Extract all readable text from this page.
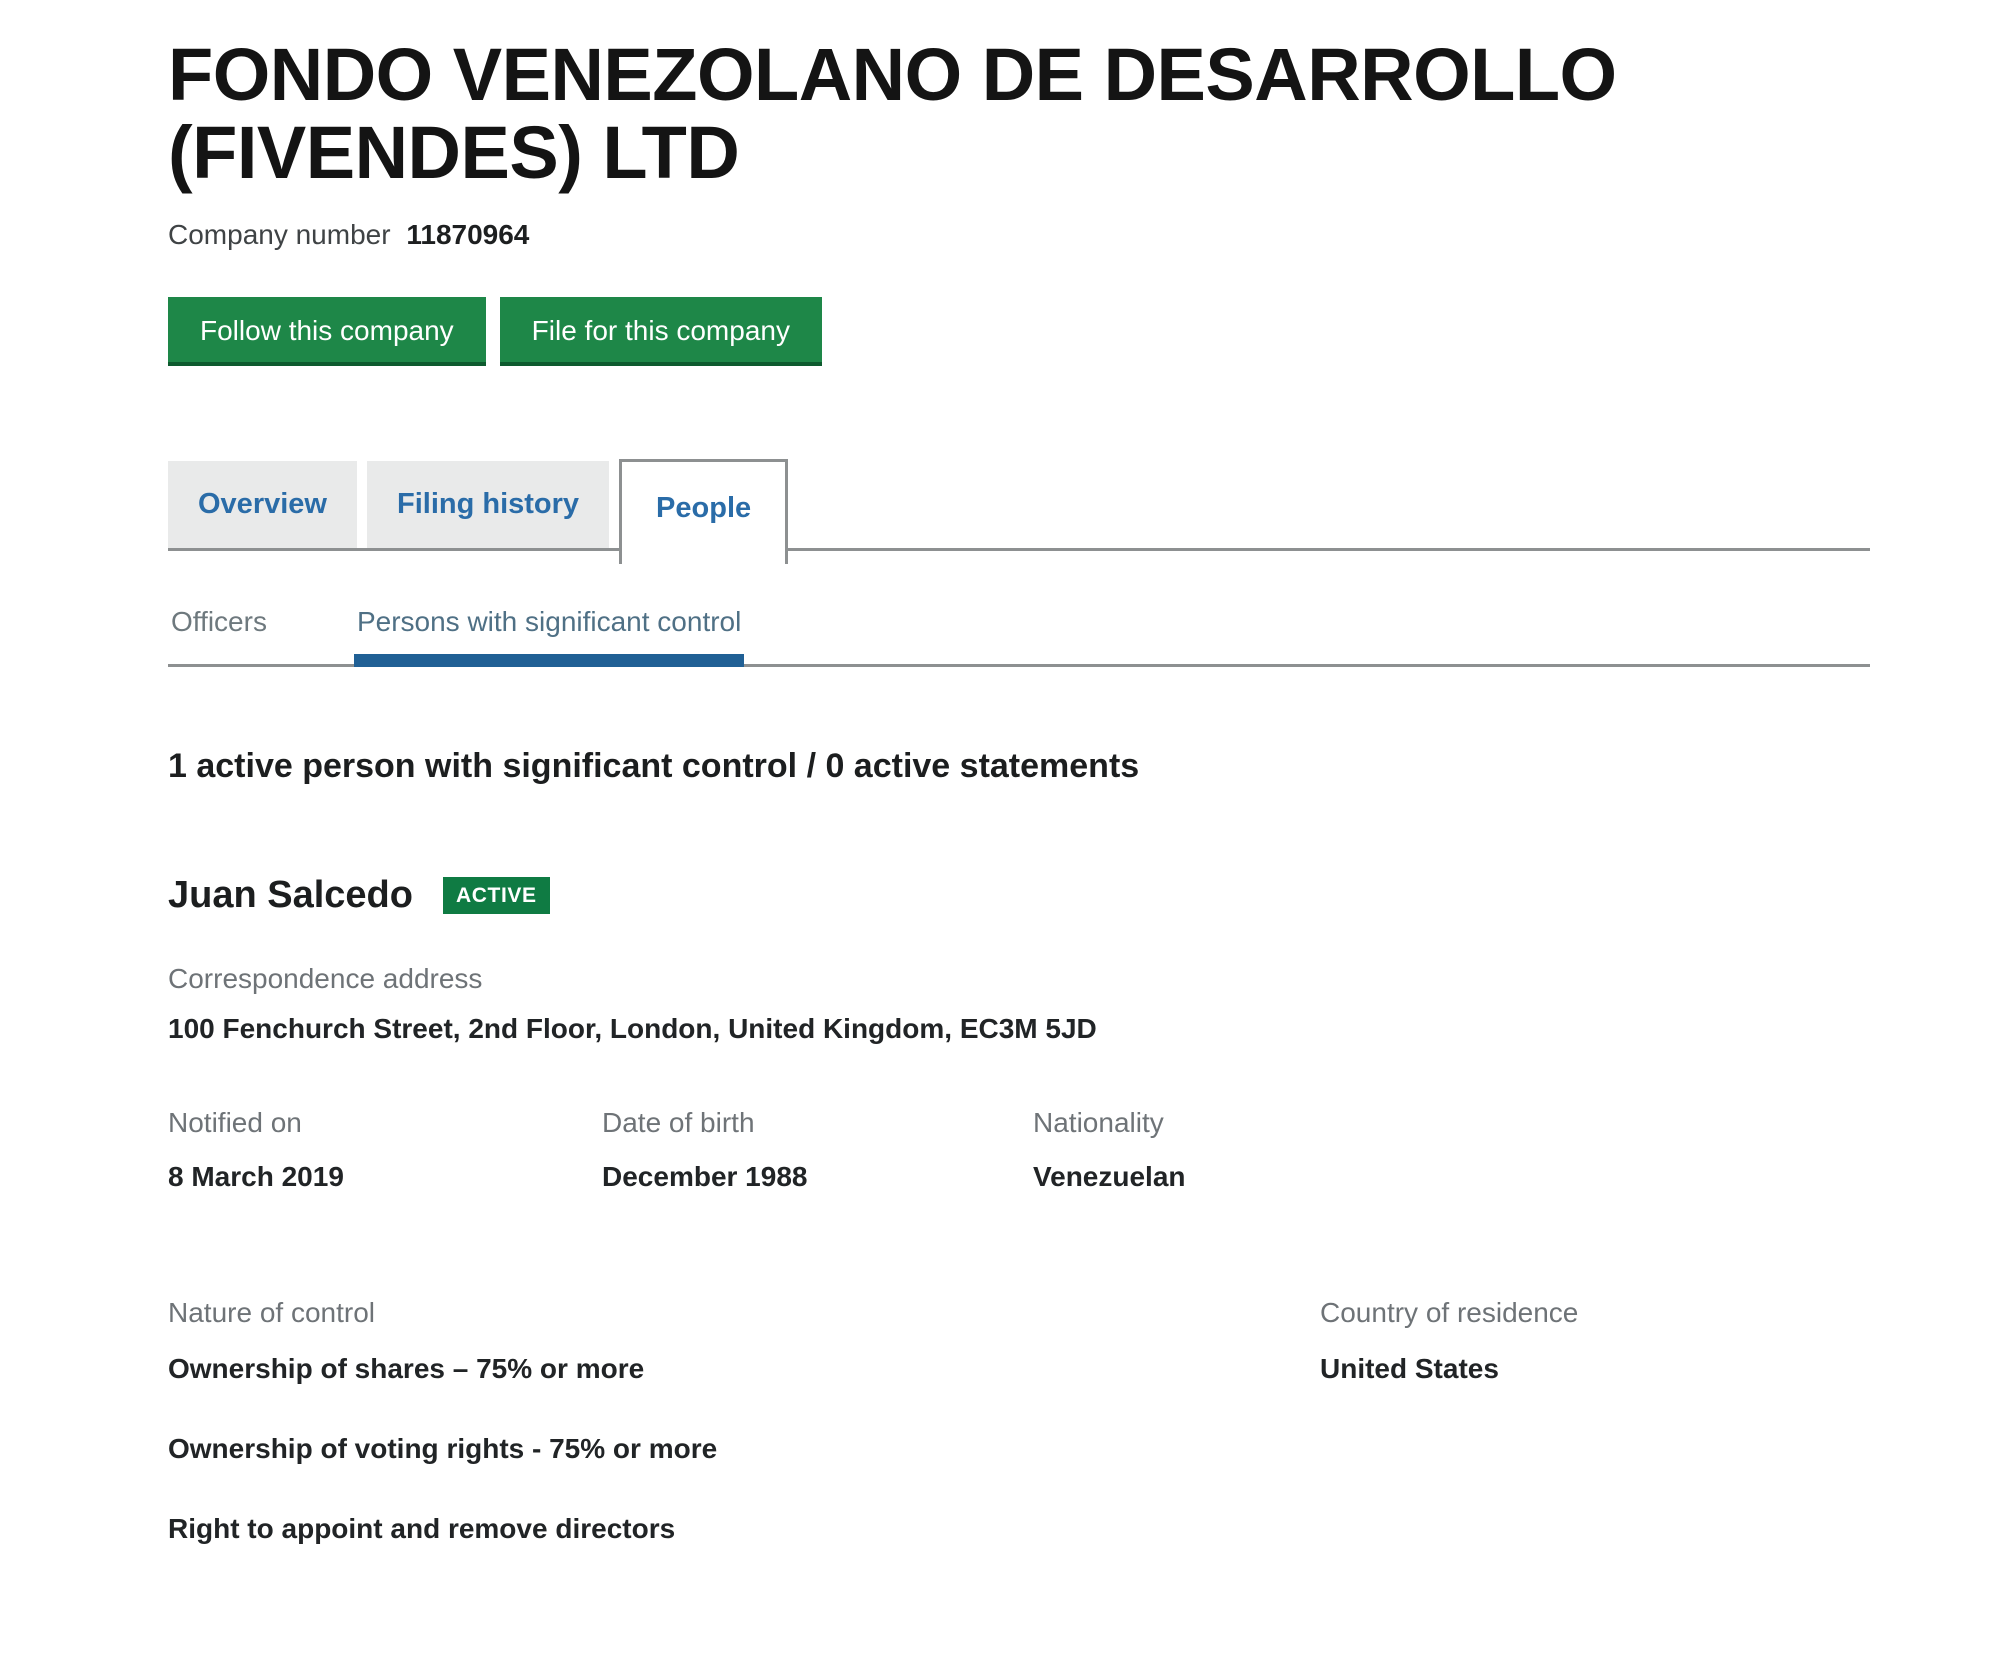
FONDO VENEZOLANO DE DESARROLLO (FIVENDES) LTD

Company number 11870964

Follow this company	File for this company
Overview	Filing history	People
Officers	Persons with significant control
1 active person with significant control / 0 active statements
Juan Salcedo	ACTIVE
Correspondence address
100 Fenchurch Street, 2nd Floor, London, United Kingdom, EC3M 5JD
Notified on
8 March 2019
Date of birth
December 1988
Nationality
Venezuelan
Nature of control
Ownership of shares – 75% or more
Ownership of voting rights - 75% or more
Right to appoint and remove directors
Country of residence
United States
